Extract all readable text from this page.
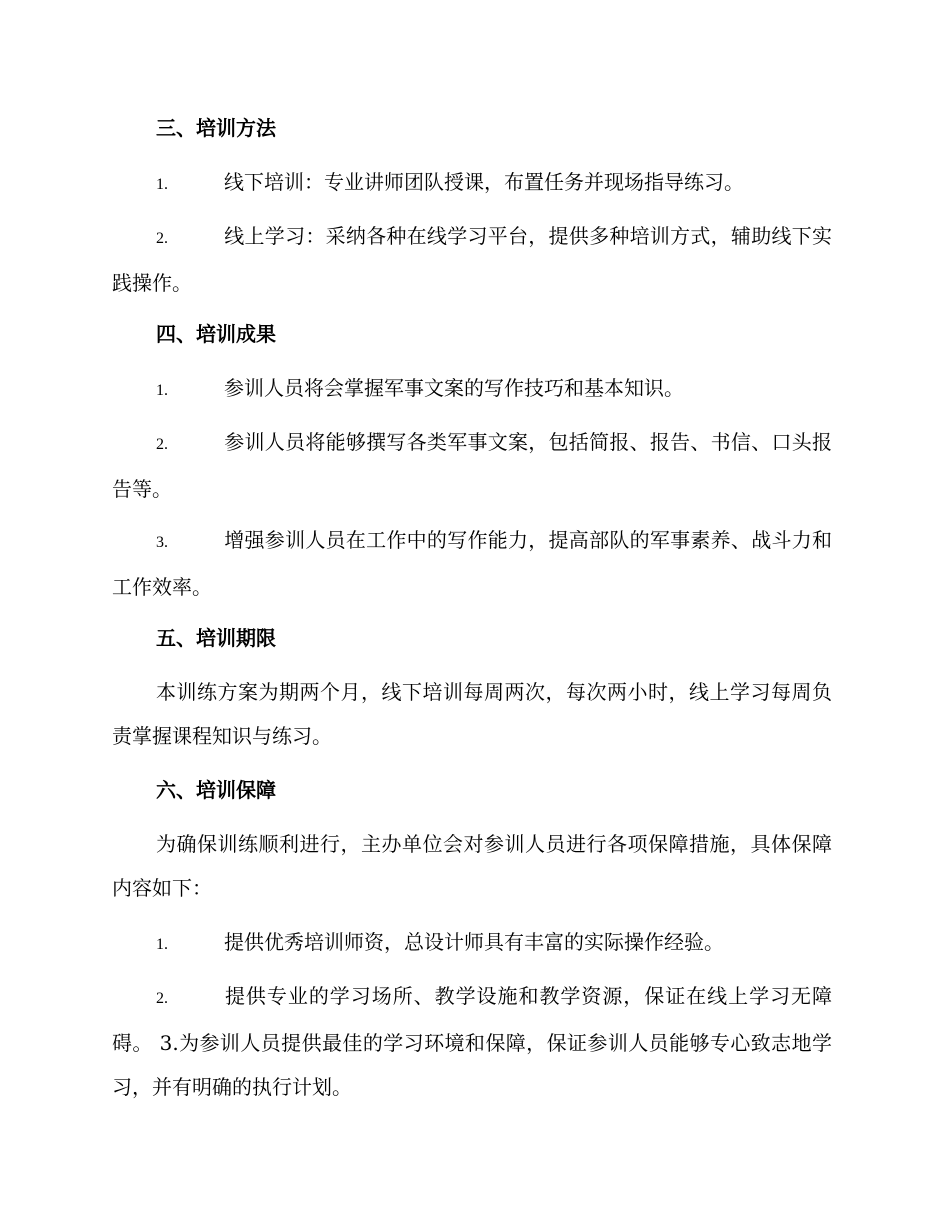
三、培训方法
1.	线下培训：专业讲师团队授课，布置任务并现场指导练习。
2.	线上学习：采纳各种在线学习平台，提供多种培训方式，辅助线下实践操作。
四、培训成果
1.	参训人员将会掌握军事文案的写作技巧和基本知识。
2.	参训人员将能够撰写各类军事文案，包括简报、报告、书信、口头报告等。
3.	增强参训人员在工作中的写作能力，提高部队的军事素养、战斗力和工作效率。
五、培训期限
本训练方案为期两个月，线下培训每周两次，每次两小时，线上学习每周负责掌握课程知识与练习。
六、培训保障
为确保训练顺利进行，主办单位会对参训人员进行各项保障措施，具体保障内容如下：
1.	提供优秀培训师资，总设计师具有丰富的实际操作经验。
2.	提供专业的学习场所、教学设施和教学资源，保证在线上学习无障碍。 3.为参训人员提供最佳的学习环境和保障，保证参训人员能够专心致志地学习，并有明确的执行计划。
